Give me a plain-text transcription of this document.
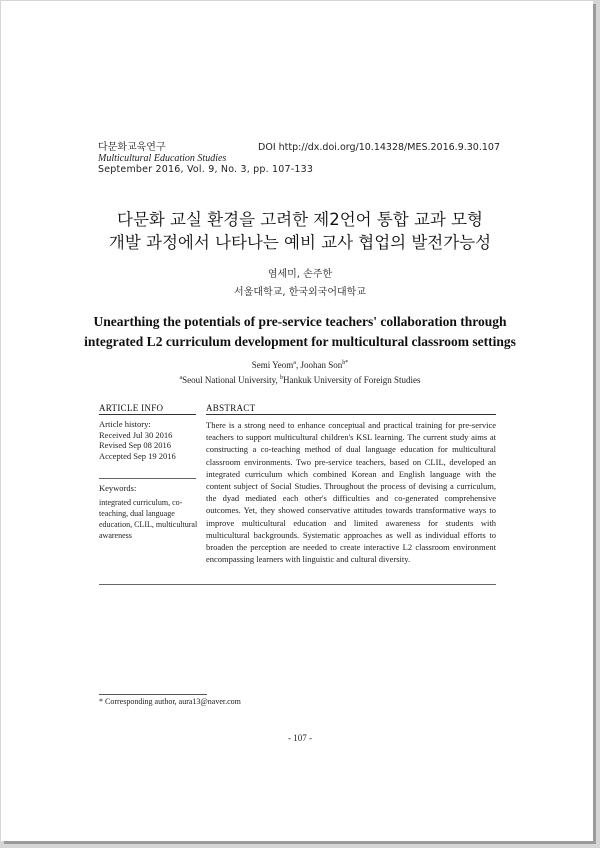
다문화교육연구
Multicultural Education Studies
September 2016, Vol. 9, No. 3, pp. 107-133
DOI http://dx.doi.org/10.14328/MES.2016.9.30.107
다문화 교실 환경을 고려한 제2언어 통합 교과 모형
개발 과정에서 나타나는 예비 교사 협업의 발전가능성
염세미, 손주한
서울대학교, 한국외국어대학교
Unearthing the potentials of pre-service teachers' collaboration through
integrated L2 curriculum development for multicultural classroom settings
Semi Yeom$^a$, Joohan Son$^{b*}$
$^a$Seoul National University, $^b$Hankuk University of Foreign Studies
ARTICLE INFO	ABSTRACT
Article history:
Received Jul 30 2016
Revised Sep 08 2016
Accepted Sep 19 2016
Keywords:
integrated curriculum, co-teaching, dual language education, CLIL, multicultural awareness

There is a strong need to enhance conceptual and practical training for pre-service teachers to support multicultural children's KSL learning. The current study aims at constructing a co-teaching method of dual language education for multicultural classroom environments. Two pre-service teachers, based on CLIL, developed an integrated curriculum which combined Korean and English language with the content subject of Social Studies. Throughout the process of devising a curriculum, the dyad mediated each other's difficulties and co-generated comprehensive outcomes. Yet, they showed conservative attitudes towards transformative ways to improve multicultural education and limited awareness for students with multicultural backgrounds. Systematic approaches as well as individual efforts to broaden the perception are needed to create interactive L2 classroom environment encompassing learners with linguistic and cultural diversity.

* Corresponding author, aura13@naver.com
- 107 -
